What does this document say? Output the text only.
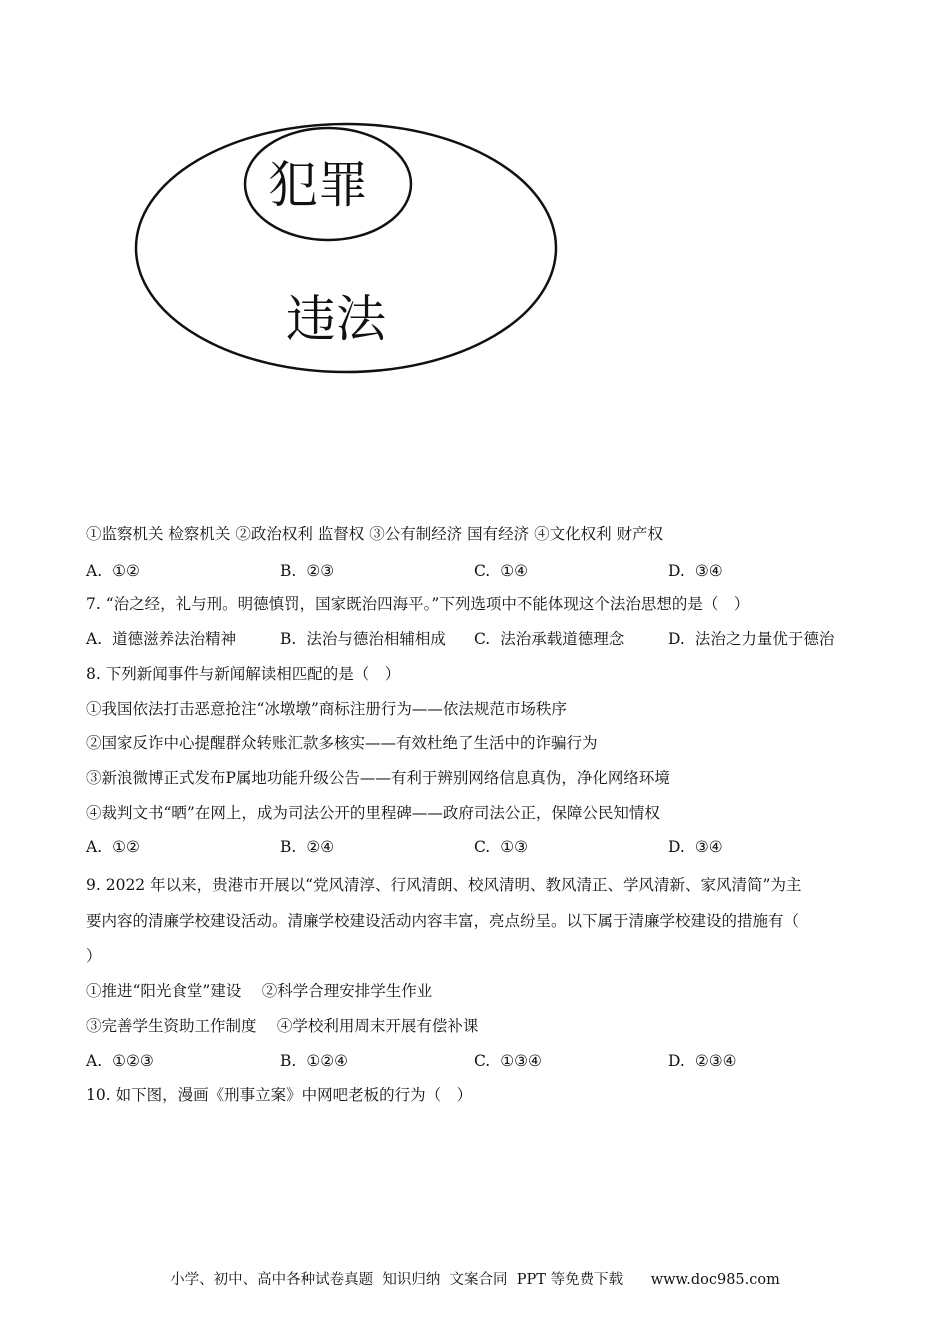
犯罪
违法
①监察机关 检察机关 ②政治权利 监督权 ③公有制经济 国有经济 ④文化权利 财产权
A. ①②	B. ②③	C. ①④	D. ③④
7. “治之经，礼与刑。明德慎罚，国家既治四海平。”下列选项中不能体现这个法治思想的是（　）
A. 道德滋养法治精神	B. 法治与德治相辅相成 C. 法治承载道德理念	D. 法治之力量优于德治
8. 下列新闻事件与新闻解读相匹配的是（　）
①我国依法打击恶意抢注“冰墩墩”商标注册行为——依法规范市场秩序
②国家反诈中心提醒群众转账汇款多核实——有效杜绝了生活中的诈骗行为
③新浪微博正式发布P属地功能升级公告——有利于辨别网络信息真伪，净化网络环境
④裁判文书“晒”在网上，成为司法公开的里程碑——政府司法公正，保障公民知情权
A. ①②	B. ②④	C. ①③	D. ③④
9. 2022 年以来，贵港市开展以“党风清淳、行风清朗、校风清明、教风清正、学风清新、家风清简”为主
要内容的清廉学校建设活动。清廉学校建设活动内容丰富，亮点纷呈。以下属于清廉学校建设的措施有（
）
①推进“阳光食堂”建设　 ②科学合理安排学生作业
③完善学生资助工作制度　 ④学校利用周末开展有偿补课
A. ①②③	B. ①②④	C. ①③④	D. ②③④
10. 如下图，漫画《刑事立案》中网吧老板的行为（　）
小学、初中、高中各种试卷真题  知识归纳  文案合同  PPT 等免费下载      www.doc985.com
